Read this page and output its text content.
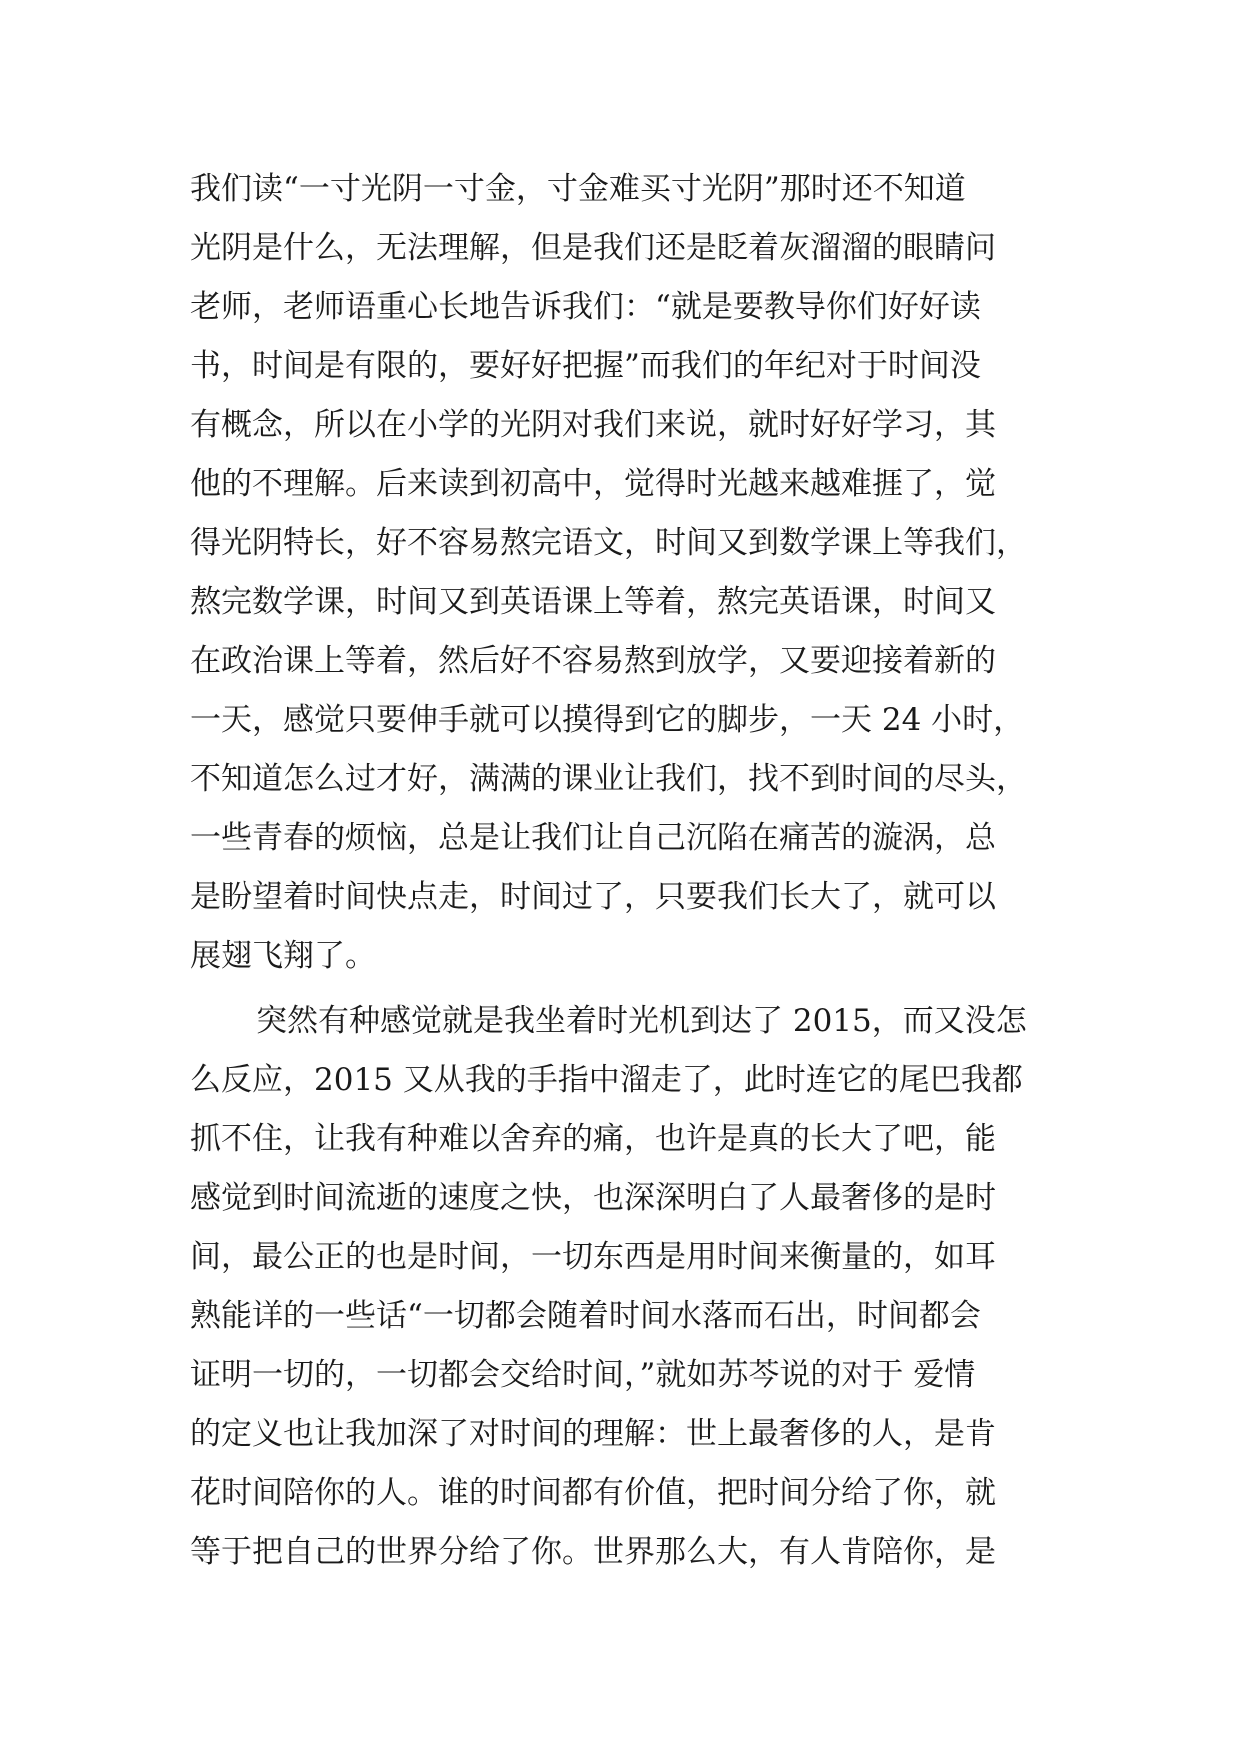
我们读“一寸光阴一寸金，寸金难买寸光阴”那时还不知道
光阴是什么，无法理解，但是我们还是眨着灰溜溜的眼睛问
老师，老师语重心长地告诉我们：“就是要教导你们好好读
书，时间是有限的，要好好把握”而我们的年纪对于时间没
有概念，所以在小学的光阴对我们来说，就时好好学习，其
他的不理解。后来读到初高中，觉得时光越来越难捱了，觉
得光阴特长，好不容易熬完语文，时间又到数学课上等我们，
熬完数学课，时间又到英语课上等着，熬完英语课，时间又
在政治课上等着，然后好不容易熬到放学，又要迎接着新的
一天，感觉只要伸手就可以摸得到它的脚步，一天 24 小时，
不知道怎么过才好，满满的课业让我们，找不到时间的尽头，
一些青春的烦恼，总是让我们让自己沉陷在痛苦的漩涡，总
是盼望着时间快点走，时间过了，只要我们长大了，就可以
展翅飞翔了。
突然有种感觉就是我坐着时光机到达了 2015，而又没怎
么反应，2015 又从我的手指中溜走了，此时连它的尾巴我都
抓不住，让我有种难以舍弃的痛，也许是真的长大了吧，能
感觉到时间流逝的速度之快，也深深明白了人最奢侈的是时
间，最公正的也是时间，一切东西是用时间来衡量的，如耳
熟能详的一些话“一切都会随着时间水落而石出，时间都会
证明一切的，一切都会交给时间，”就如苏芩说的对于 爱情
的定义也让我加深了对时间的理解：世上最奢侈的人，是肯
花时间陪你的人。谁的时间都有价值，把时间分给了你，就
等于把自己的世界分给了你。世界那么大，有人肯陪你，是
